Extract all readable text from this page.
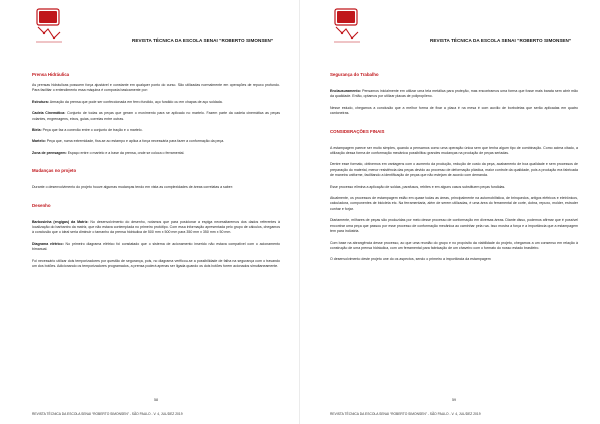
REVISTA TÉCNICA DA ESCOLA SENAI “ROBERTO SIMONSEN”
Prensa Hidráulica

As prensas hidráulicas possuem força ajustável e constante em qualquer ponto do curso. São utilizadas normalmente em operações de repuxo profundo. Para facilitar o entendimento essa máquina é composta basicamente por:

Estrutura: Armação da prensa que pode ser confeccionada em ferro fundido, aço fundido ou em chapas de aço soldada.

Cadeia Cinemática: Conjunto de todas as peças que geram o movimento para se aplicado no martelo. Fazem parte da cadeia cinemática as peças volantes, engrenagens, eixos, guias, correias entre outras.

Biela: Peça que faz a conexão entre o conjunto de tração e o martelo.

Martelo: Peça que, numa extremidade, fixa-se ao estampo e aplica a força necessária para fazer a conformação da peça.

Zona de prensagem: Espaço entre o martelo e a base da prensa, onde se coloca o ferramental.

Mudanças no projeto

Durante o desenvolvimento do projeto houve algumas mudanças tendo em vista as complexidades de áreas correlatas a saber:

Desenho

Barbosinha (engigas) da Matriz: No desenvolvimento do desenho, notamos que para posicionar a espiga necessitaremos dos dados referentes à localização do barbantro da matriz, que não estava contemplada no primeiro protótipo. Com essa informação apresentada pelo grupo de cálculos, chegamos à conclusão que o ideal seria diminuir o tamanho da prensa hidráulica de 500 mm x 500 mm para 350 mm x 350 mm x 50 mm.

Diagrama elétrico: No primeiro diagrama elétrico foi constatado que o sistema de acionamento inserido não estava compatível com o acionamento bimanual.

Foi necessário utilizar dois temporizadores por questão de segurança, pois, no diagrama verificou-se a possibilidade de falha na segurança com o travando um dos botões. Adicionando os temporizadores programados, a prensa poderá apenas ser ligada quando os dois botões forem acionados simultaneamente.

58
REVISTA TÉCNICA DA ESCOLA SENAI “ROBERTO SIMONSEN” - SÃO PAULO - V. 4, JUL/DEZ 2019
REVISTA TÉCNICA DA ESCOLA SENAI “ROBERTO SIMONSEN”
Segurança do Trabalho

Enclausuramento: Pensamos inicialmente em utilizar uma tela metálica para proteção, mas encontramos uma forma que fosse mais barata sem abrir mão da qualidade. Então, optamos por utilizar placas de polipropileno.

Nesse estudo, chegamos a conclusão que a melhor forma de fixar a placa é na mesa é com auxílio de borboletas que serão aplicadas em quatro cantoneiras.

CONSIDERAÇÕES FINAIS

A estampagem parece ser muito simples, quando a pensamos como uma operação única sem que tenha algum tipo de combinação. Como acima citado, a utilização dessa forma de conformação mecânica possibilitou grandes mudanças na produção de peças seriadas.

Dentre esse formato, obtivemos em vantagens com o aumento da produção, redução de custo da peça, acabamento de boa qualidade e sem processos de preparação do material, menor resistência das peças devido ao processo de deformação plástica, maior controle da qualidade, pois a produção era fabricada de maneira uniforme, facilitando a identificação de peças que não estejam de acordo com demanda.

Esse processo elimina a aplicação de soldas, parafusos, rebites e em alguns casos substituem peças fundidas.

Atualmente, os processos de estampagem estão em quase todas as áreas, principalmente na automobilística, de brinquedos, artigos elétricos e eletrônicos, calculadora, componentes de bicicleta etc. Na ferramentaria, além de serem utilizadas, é uma área do ferramental de corte, dobra, repuxo, molder, estruder cunhar e forjar.

Diariamente, milhares de peças são produzidas por meio desse processo de conformação em diversas áreas. Diante disso, podemos afirmar que é possível encontrar uma peça que passou por esse processo de conformação mecânica ao caminhar pela rua. Isso mostra a força e a importância que a estampagem tem para indústria.

Com base na abrangência desse processo, ao que uma reunião do grupo e no propósito da viabilidade do projeto, chegamos a um consenso em relação à construção de uma prensa hidráulica, com um ferramental para fabricação de um chaveiro com o formato do nosso estado brasileiro.

O desenvolvimento deste projeto une do os aspectos, sendo o primeiro a importância da estampagem

59
REVISTA TÉCNICA DA ESCOLA SENAI “ROBERTO SIMONSEN” - SÃO PAULO - V. 4, JUL/DEZ 2019
